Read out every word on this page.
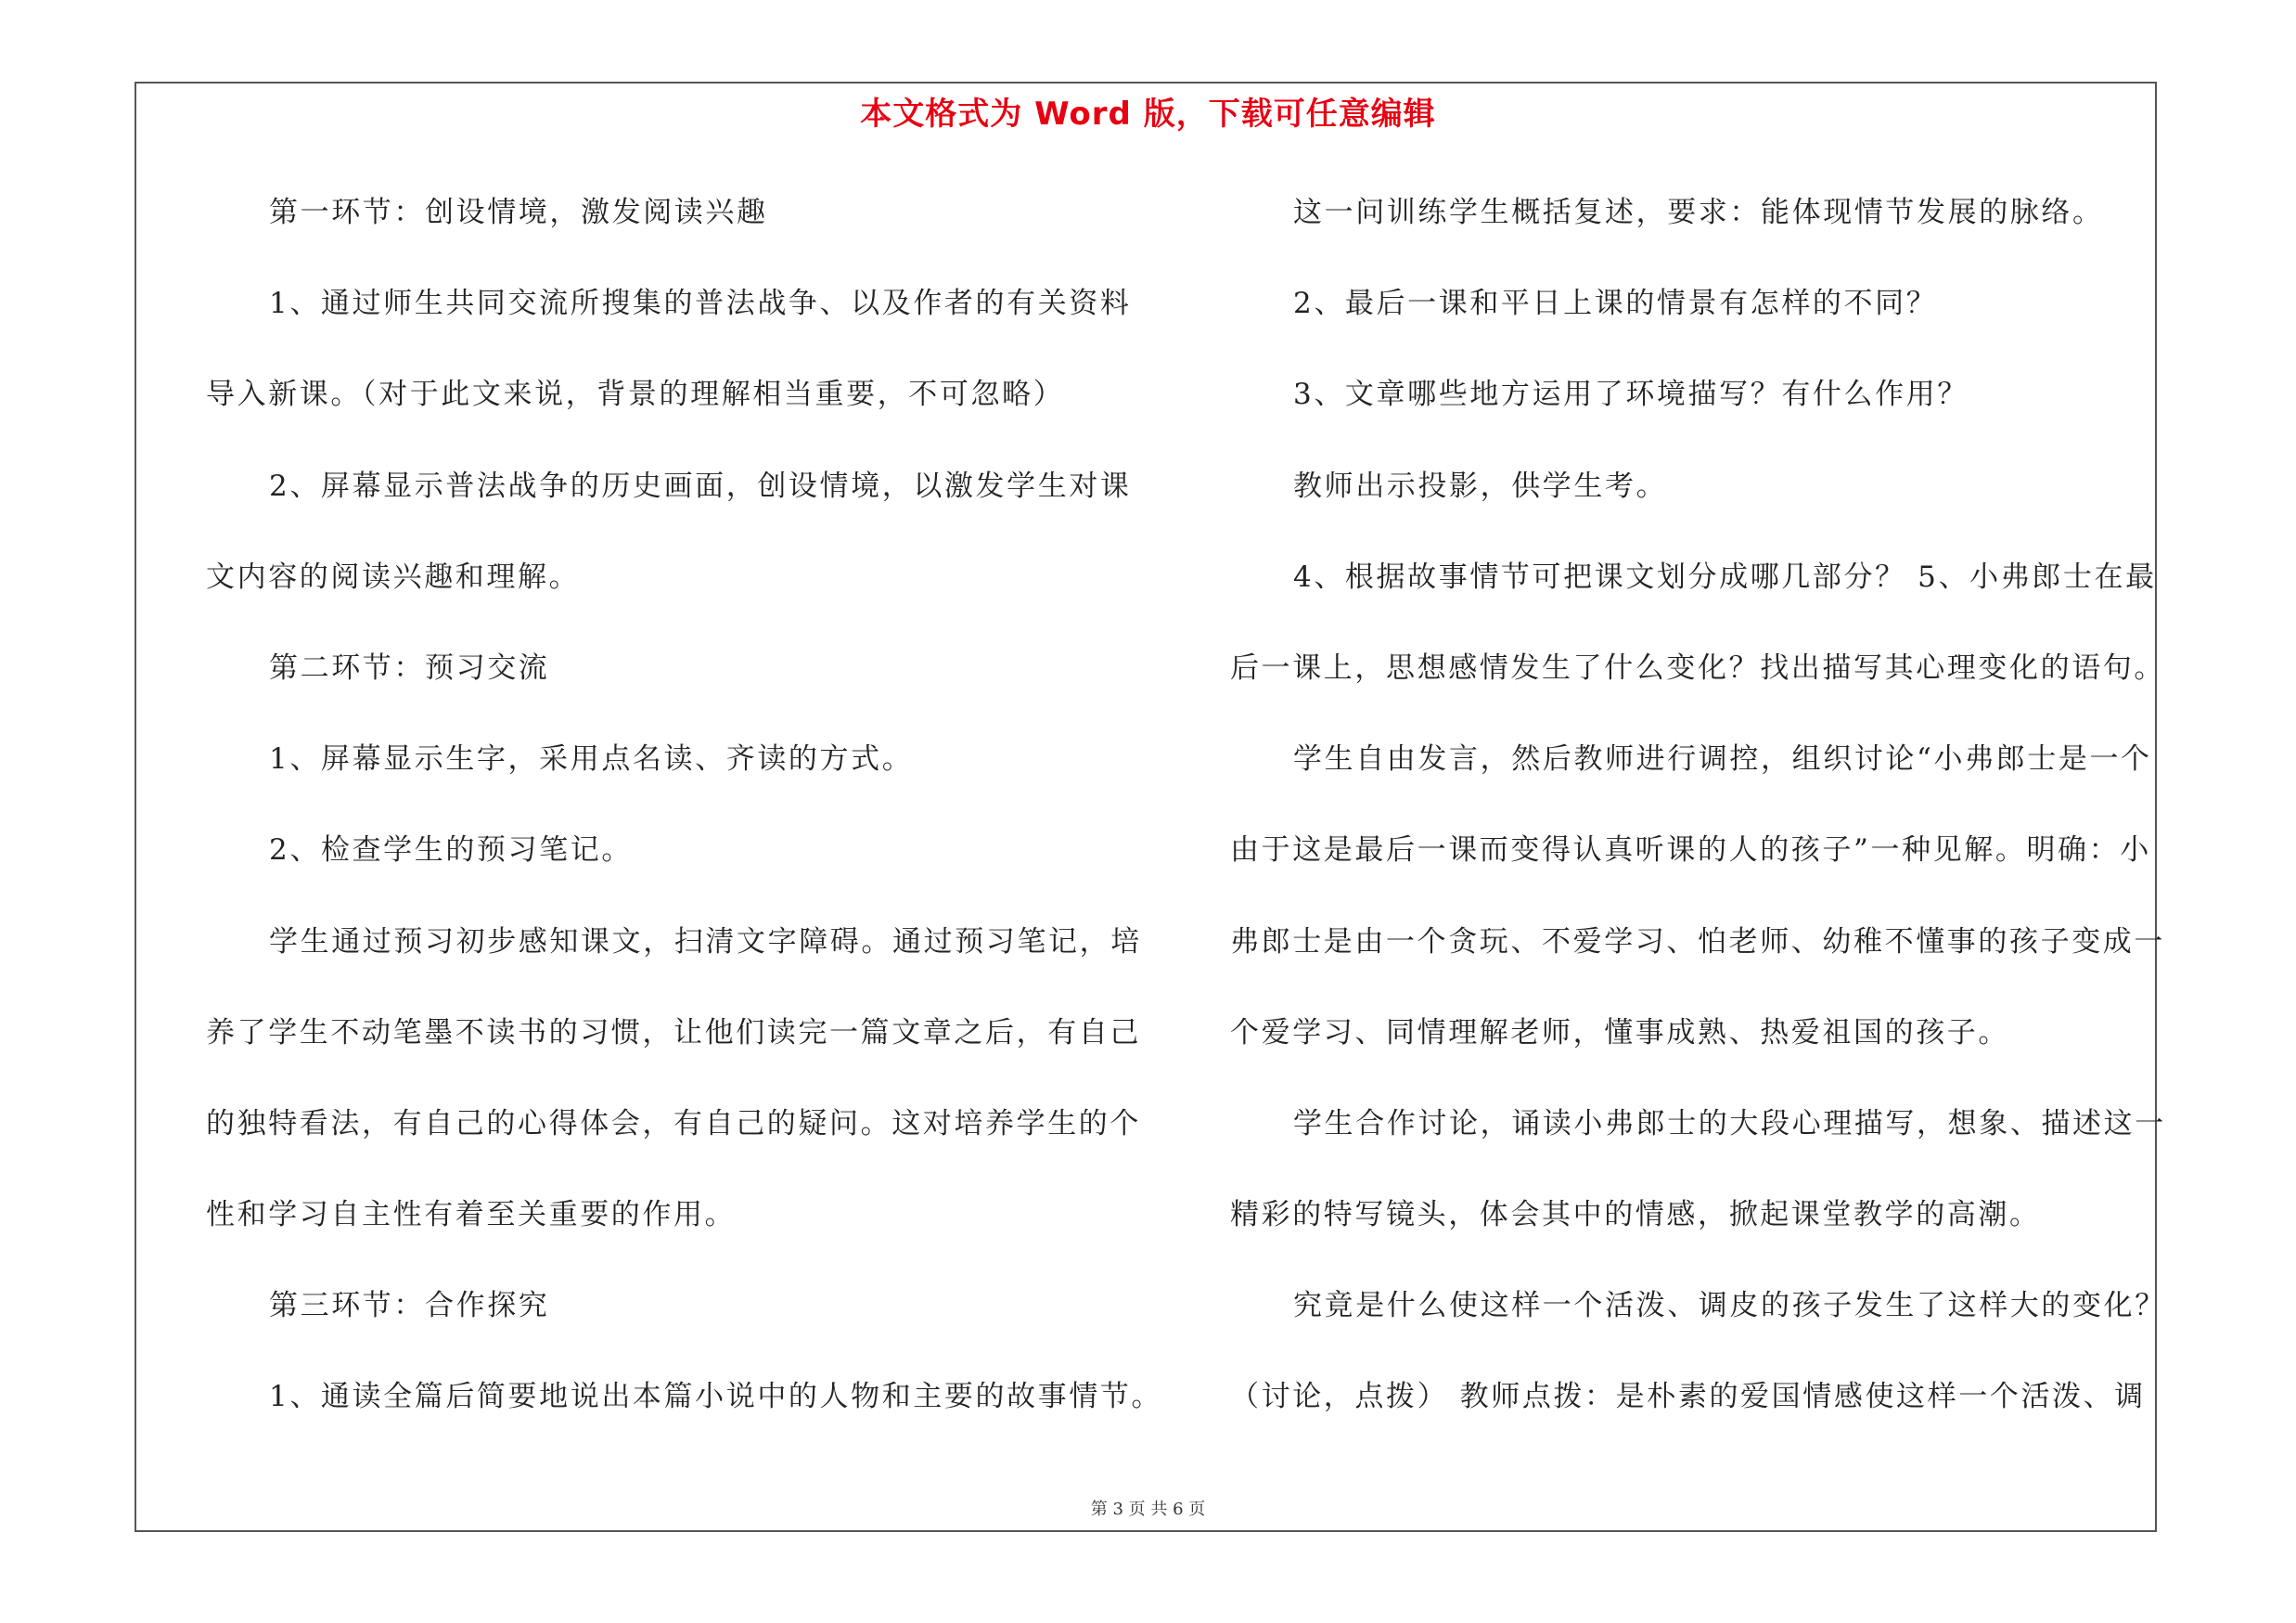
本文格式为 Word 版，下载可任意编辑
第一环节：创设情境，激发阅读兴趣
1、通过师生共同交流所搜集的普法战争、以及作者的有关资料
导入新课。（对于此文来说，背景的理解相当重要，不可忽略）
2、屏幕显示普法战争的历史画面，创设情境，以激发学生对课
文内容的阅读兴趣和理解。
第二环节：预习交流
1、屏幕显示生字，采用点名读、齐读的方式。
2、检查学生的预习笔记。
学生通过预习初步感知课文，扫清文字障碍。通过预习笔记，培
养了学生不动笔墨不读书的习惯，让他们读完一篇文章之后，有自己
的独特看法，有自己的心得体会，有自己的疑问。这对培养学生的个
性和学习自主性有着至关重要的作用。
第三环节：合作探究
1、通读全篇后简要地说出本篇小说中的人物和主要的故事情节。
这一问训练学生概括复述，要求：能体现情节发展的脉络。
2、最后一课和平日上课的情景有怎样的不同？
3、文章哪些地方运用了环境描写？有什么作用？
教师出示投影，供学生考。
4、根据故事情节可把课文划分成哪几部分？ 5、小弗郎士在最
后一课上，思想感情发生了什么变化？找出描写其心理变化的语句。
学生自由发言，然后教师进行调控，组织讨论“小弗郎士是一个
由于这是最后一课而变得认真听课的人的孩子”一种见解。明确：小
弗郎士是由一个贪玩、不爱学习、怕老师、幼稚不懂事的孩子变成一
个爱学习、同情理解老师，懂事成熟、热爱祖国的孩子。
学生合作讨论，诵读小弗郎士的大段心理描写，想象、描述这一
精彩的特写镜头，体会其中的情感，掀起课堂教学的高潮。
究竟是什么使这样一个活泼、调皮的孩子发生了这样大的变化？
（讨论，点拨） 教师点拨：是朴素的爱国情感使这样一个活泼、调
第 3 页 共 6 页
